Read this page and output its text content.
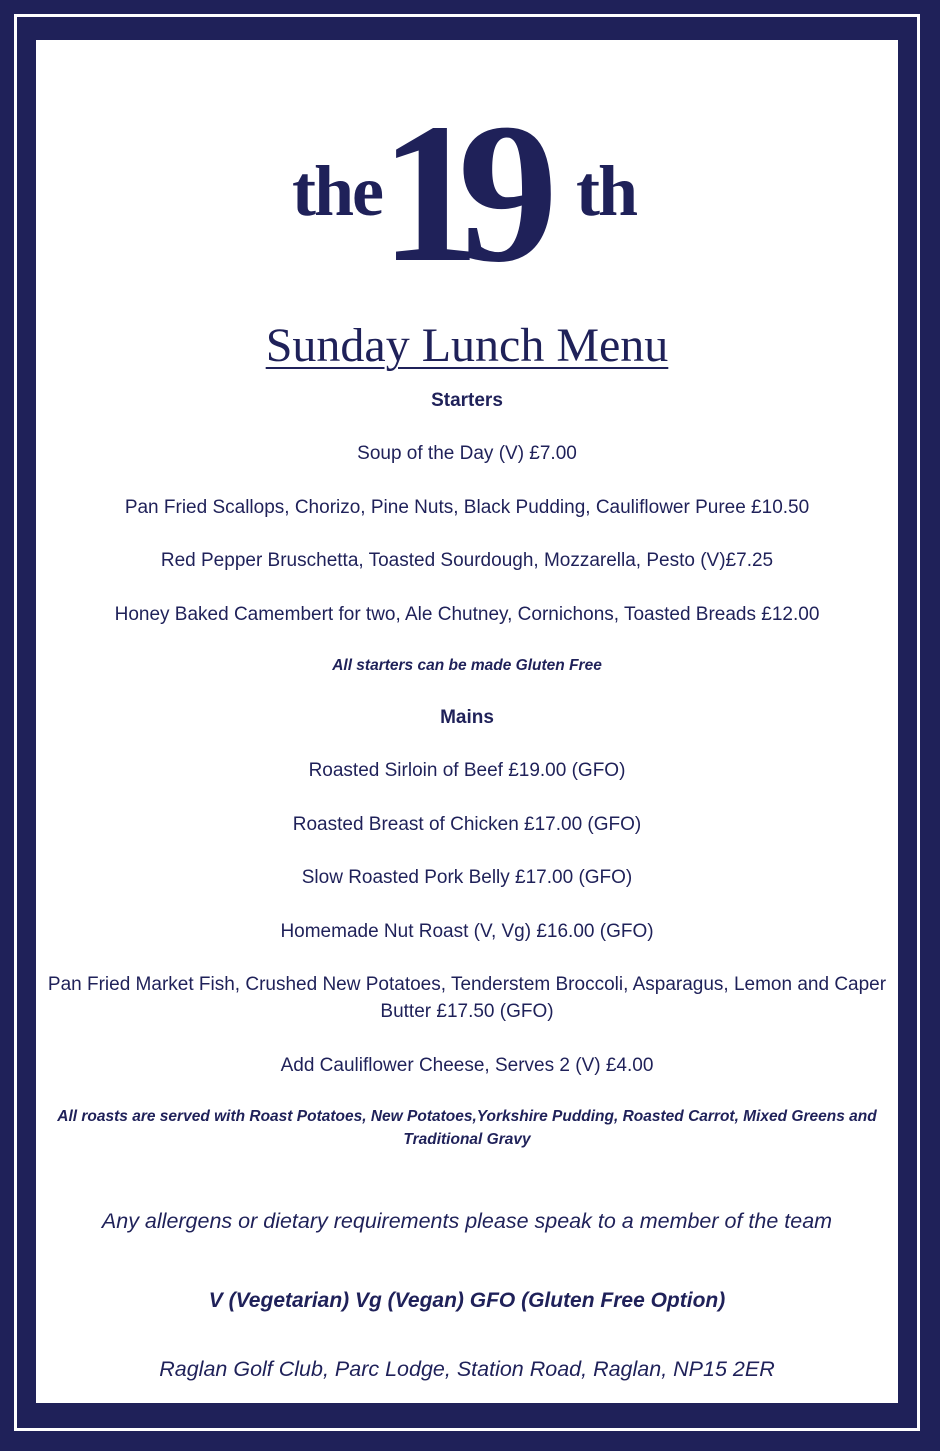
the
19 th
Sunday Lunch Menu
Starters
Soup of the Day (V) £7.00
Pan Fried Scallops, Chorizo, Pine Nuts, Black Pudding, Cauliflower Puree £10.50
Red Pepper Bruschetta, Toasted Sourdough, Mozzarella, Pesto (V)£7.25
Honey Baked Camembert for two, Ale Chutney, Cornichons, Toasted Breads £12.00
All starters can be made Gluten Free
Mains
Roasted Sirloin of Beef £19.00 (GFO)
Roasted Breast of Chicken £17.00 (GFO)
Slow Roasted Pork Belly £17.00 (GFO)
Homemade Nut Roast (V, Vg) £16.00 (GFO)
Pan Fried Market Fish, Crushed New Potatoes, Tenderstem Broccoli, Asparagus, Lemon and Caper Butter £17.50 (GFO)
Add Cauliflower Cheese, Serves 2 (V) £4.00
All roasts are served with Roast Potatoes, New Potatoes,Yorkshire Pudding, Roasted Carrot, Mixed Greens and Traditional Gravy
Any allergens or dietary requirements please speak to a member of the team
V (Vegetarian) Vg (Vegan) GFO (Gluten Free Option)
Raglan Golf Club, Parc Lodge, Station Road, Raglan, NP15 2ER
